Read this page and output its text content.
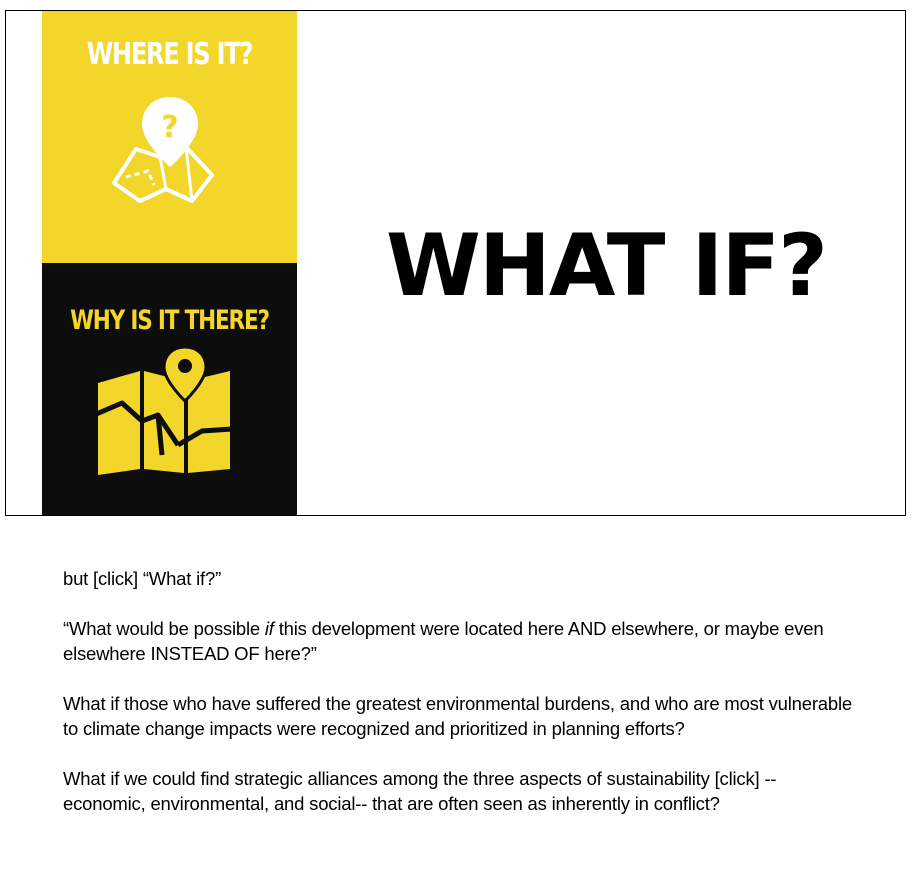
WHERE IS IT?
?
WHY IS IT THERE?
WHAT IF?

but [click] “What if?”

“What would be possible if this development were located here AND elsewhere, or maybe even elsewhere INSTEAD OF here?”

What if those who have suffered the greatest environmental burdens, and who are most vulnerable to climate change impacts were recognized and prioritized in planning efforts?

What if we could find strategic alliances among the three aspects of sustainability [click] -- economic, environmental, and social-- that are often seen as inherently in conflict?
